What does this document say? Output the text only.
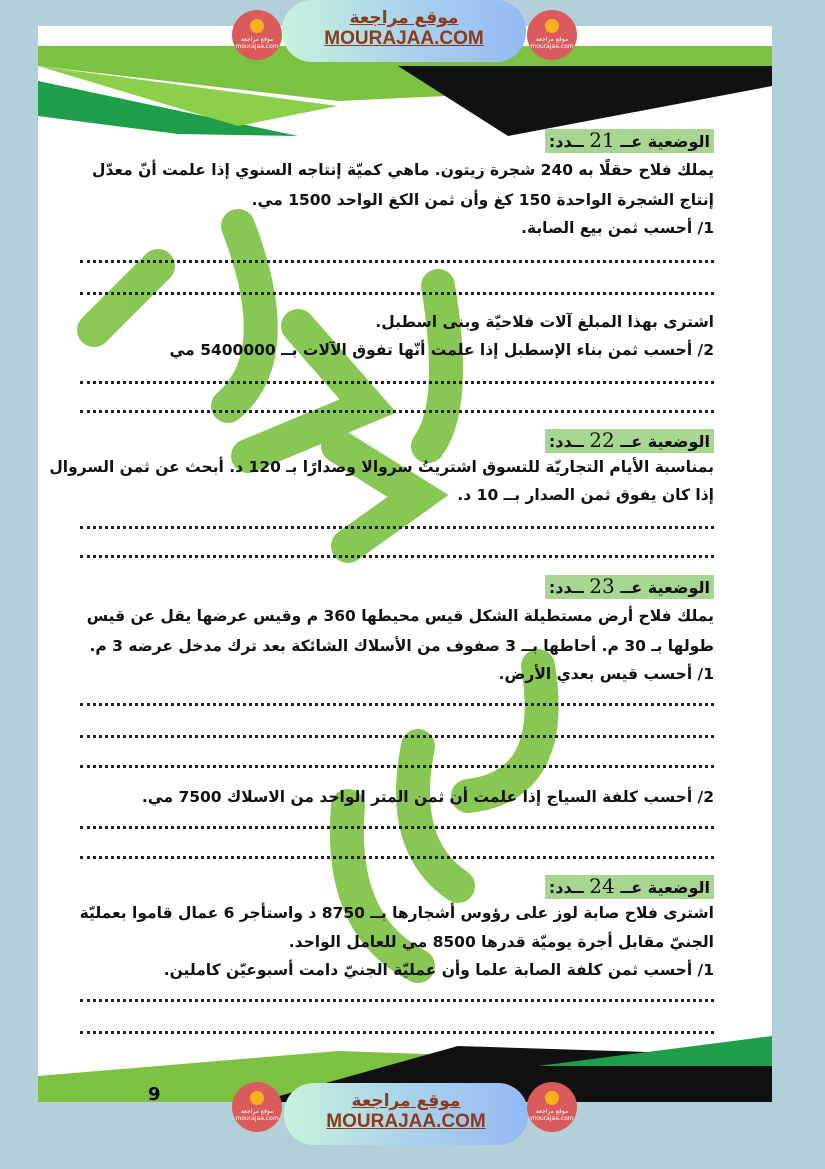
الوضعية عــ 21 ــدد:
يملك فلاح حقلًا به 240 شجرة زيتون. ماهي كميّة إنتاجه السنوي إذا علمت أنّ معدّل
إنتاج الشجرة الواحدة 150 كغ وأن ثمن الكغ الواحد 1500 مي.
1/ أحسب ثمن بيع الصابة.
اشترى بهذا المبلغ آلات فلاحيّة وبنى اسطبل.
2/ أحسب ثمن بناء الإسطبل إذا علمت أنّها تفوق الآلات بــ 5400000 مي
الوضعية عــ 22 ــدد:
بمناسبة الأيام التجاريّة للتسوق اشتريتُ سروالا وصدارًا بـ 120 د. أبحث عن ثمن السروال
إذا كان يفوق ثمن الصدار بــ 10 د.
الوضعية عــ 23 ــدد:
يملك فلاح أرض مستطيلة الشكل قيس محيطها 360 م وقيس عرضها يقل عن قيس
طولها بـ 30 م. أحاطها بــ 3 صفوف من الأسلاك الشائكة بعد ترك مدخل عرضه 3 م.
1/ أحسب قيس بعدي الأرض.
2/ أحسب كلفة السياج إذا علمت أن ثمن المتر الواحد من الاسلاك 7500 مي.
الوضعية عــ 24 ــدد:
اشترى فلاح صابة لوز على رؤوس أشجارها بــ 8750 د واستأجر 6 عمال قاموا بعمليّة
الجنيّ مقابل أجرة يوميّة قدرها 8500 مي للعامل الواحد.
1/ أحسب ثمن كلفة الصابة علما وأن عمليّة الجنيّ دامت أسبوعيّن كاملين.
9
موقع مراجعة mourajaa.com
موقع مراجعة
MOURAJAA.COM	موقع مراجعة mourajaa.com
موقع مراجعة mourajaa.com
موقع مراجعة
MOURAJAA.COM	موقع مراجعة mourajaa.com
